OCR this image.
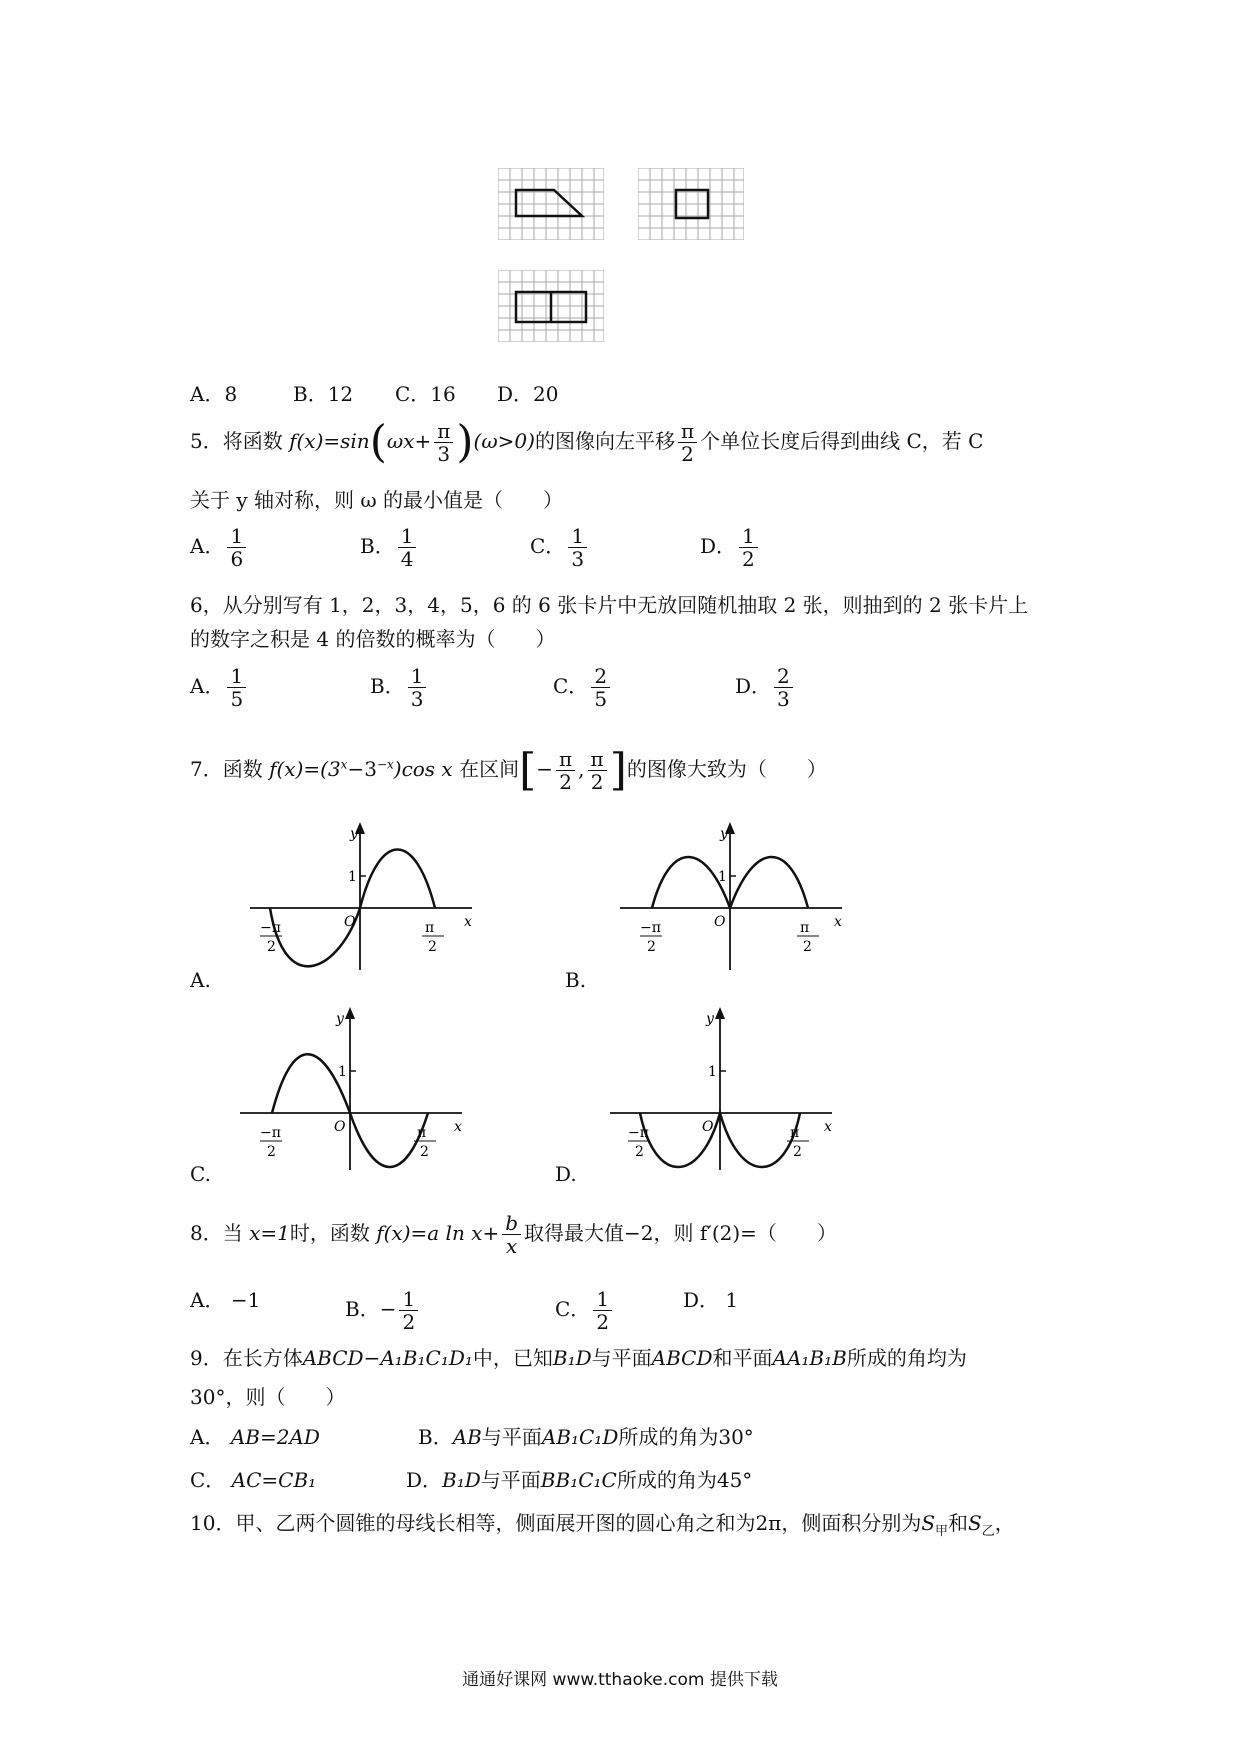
A．8	B．12 C．16 D．20
5．将函数 $f(x)=\sin(\omega x+ \frac{\pi}{3} )(\omega>0)$的图像向左平移 $\frac{\pi}{2}$ 个单位长度后得到曲线 C，若 C
关于 y 轴对称，则 ω 的最小值是（　　）
A． $\frac{1}{6}$	B． $\frac{1}{4}$	C． $\frac{1}{3}$	D． $\frac{1}{2}$
6，从分别写有 1，2，3，4，5，6 的 6 张卡片中无放回随机抽取 2 张，则抽到的 2 张卡片上
的数字之积是 4 的倍数的概率为（　　）
A． $\frac{1}{5}$	B． $\frac{1}{3}$	C． $\frac{2}{5}$	D． $\frac{2}{3}$
7．函数 $f(x)=(3^x-3^{-x})\cos$ x 在区间[− $\frac{\pi}{2}$ , $\frac{\pi}{2}$ ]的图像大致为（　　）
y
x
O
1
−π
2
π
2
A.
y
x
O
1
−π
2
π
2
B.
y
x
O
1
−π
2
π
2
C.
y
x
O
1
−π
2
π
2
D.
8．当 x=1时，函数 f(x)=a $\ln x+ \frac{b}{x}$ 取得最大值−2，则 f′(2)=（　　）
A． −1	B．− $\frac{1}{2}$	C． $\frac{1}{2}$	D． 1
9．在长方体ABCD−A₁B₁C₁D₁中，已知B₁D与平面ABCD和平面AA₁B₁B所成的角均为
30°，则（　　）
A． AB=2AD	B．AB与平面AB₁C₁D所成的角为30°
C． AC=CB₁	D．B₁D与平面BB₁C₁C所成的角为45°
10．甲、乙两个圆锥的母线长相等，侧面展开图的圆心角之和为2π，侧面积分别为$S_甲$和$S_乙$，
通通好课网 www.tthaoke.com 提供下载
